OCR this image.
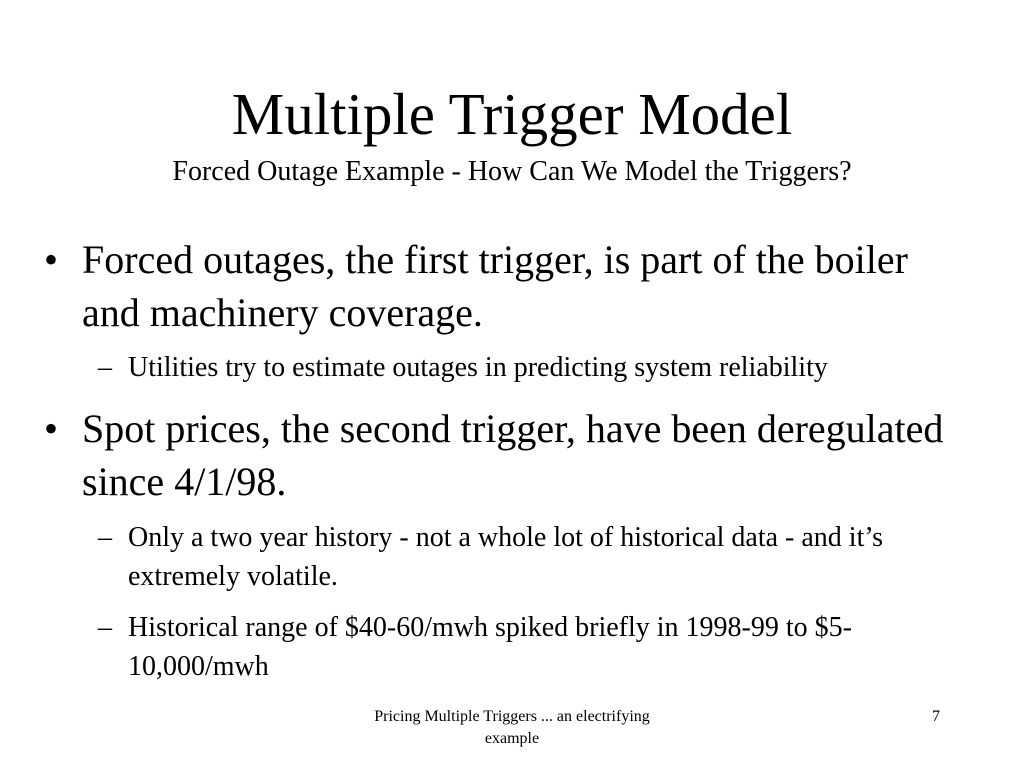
Multiple Trigger Model
Forced Outage Example - How Can We Model the Triggers?
• Forced outages, the first trigger, is part of the boiler and machinery coverage.
– Utilities try to estimate outages in predicting system reliability
• Spot prices, the second trigger, have been deregulated since 4/1/98.
– Only a two year history - not a whole lot of historical data - and it’s extremely volatile.
– Historical range of $40-60/mwh spiked briefly in 1998-99 to $5-10,000/mwh
Pricing Multiple Triggers ... an electrifying example
7
